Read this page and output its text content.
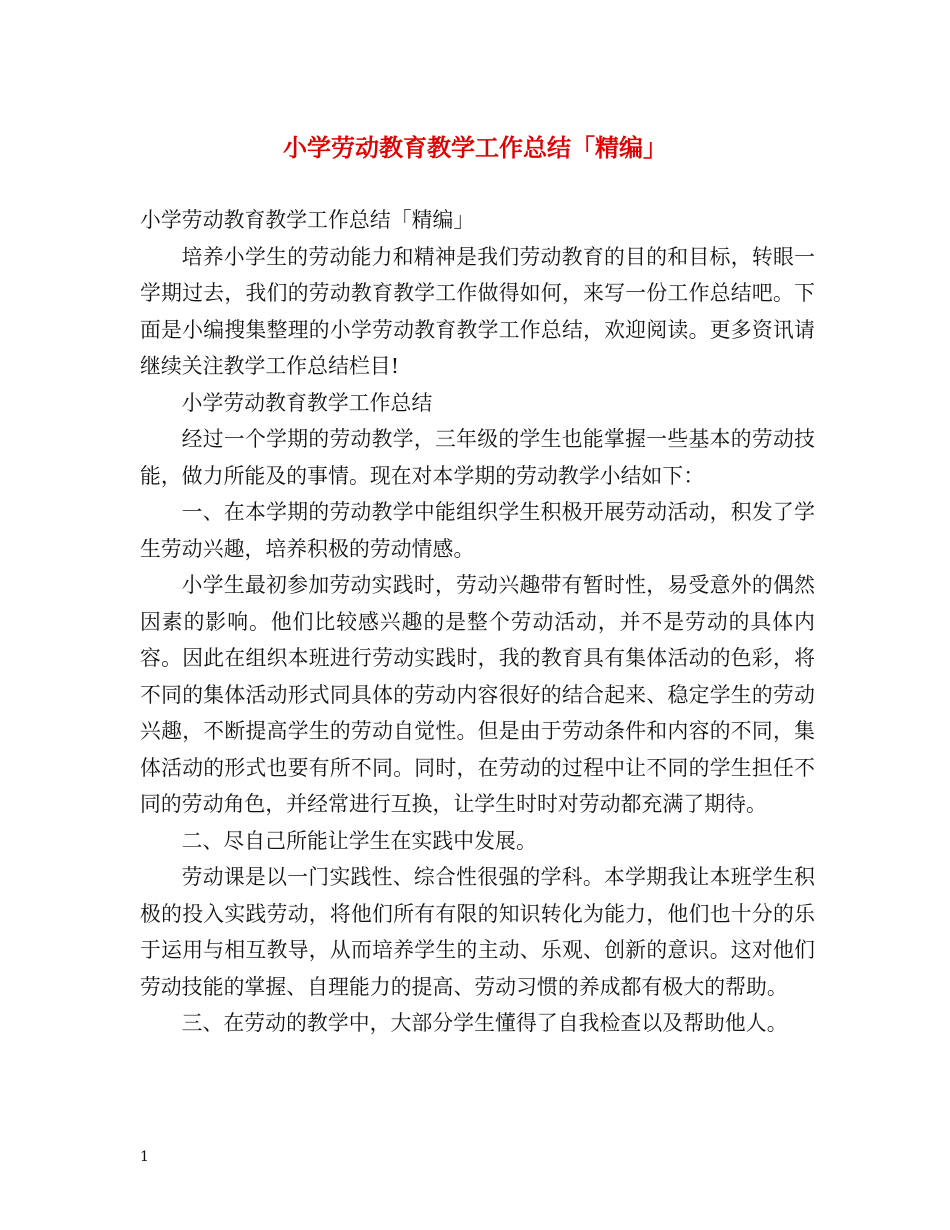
小学劳动教育教学工作总结「精编」

小学劳动教育教学工作总结「精编」

培养小学生的劳动能力和精神是我们劳动教育的目的和目标，转眼一学期过去，我们的劳动教育教学工作做得如何，来写一份工作总结吧。下面是小编搜集整理的小学劳动教育教学工作总结，欢迎阅读。更多资讯请继续关注教学工作总结栏目!

小学劳动教育教学工作总结

经过一个学期的劳动教学，三年级的学生也能掌握一些基本的劳动技能，做力所能及的事情。现在对本学期的劳动教学小结如下：

一、在本学期的劳动教学中能组织学生积极开展劳动活动，积发了学生劳动兴趣，培养积极的劳动情感。

小学生最初参加劳动实践时，劳动兴趣带有暂时性，易受意外的偶然因素的影响。他们比较感兴趣的是整个劳动活动，并不是劳动的具体内容。因此在组织本班进行劳动实践时，我的教育具有集体活动的色彩，将不同的集体活动形式同具体的劳动内容很好的结合起来、稳定学生的劳动兴趣，不断提高学生的劳动自觉性。但是由于劳动条件和内容的不同，集体活动的形式也要有所不同。同时，在劳动的过程中让不同的学生担任不同的劳动角色，并经常进行互换，让学生时时对劳动都充满了期待。

二、尽自己所能让学生在实践中发展。

劳动课是以一门实践性、综合性很强的学科。本学期我让本班学生积极的投入实践劳动，将他们所有有限的知识转化为能力，他们也十分的乐于运用与相互教导，从而培养学生的主动、乐观、创新的意识。这对他们劳动技能的掌握、自理能力的提高、劳动习惯的养成都有极大的帮助。

三、在劳动的教学中，大部分学生懂得了自我检查以及帮助他人。

1
